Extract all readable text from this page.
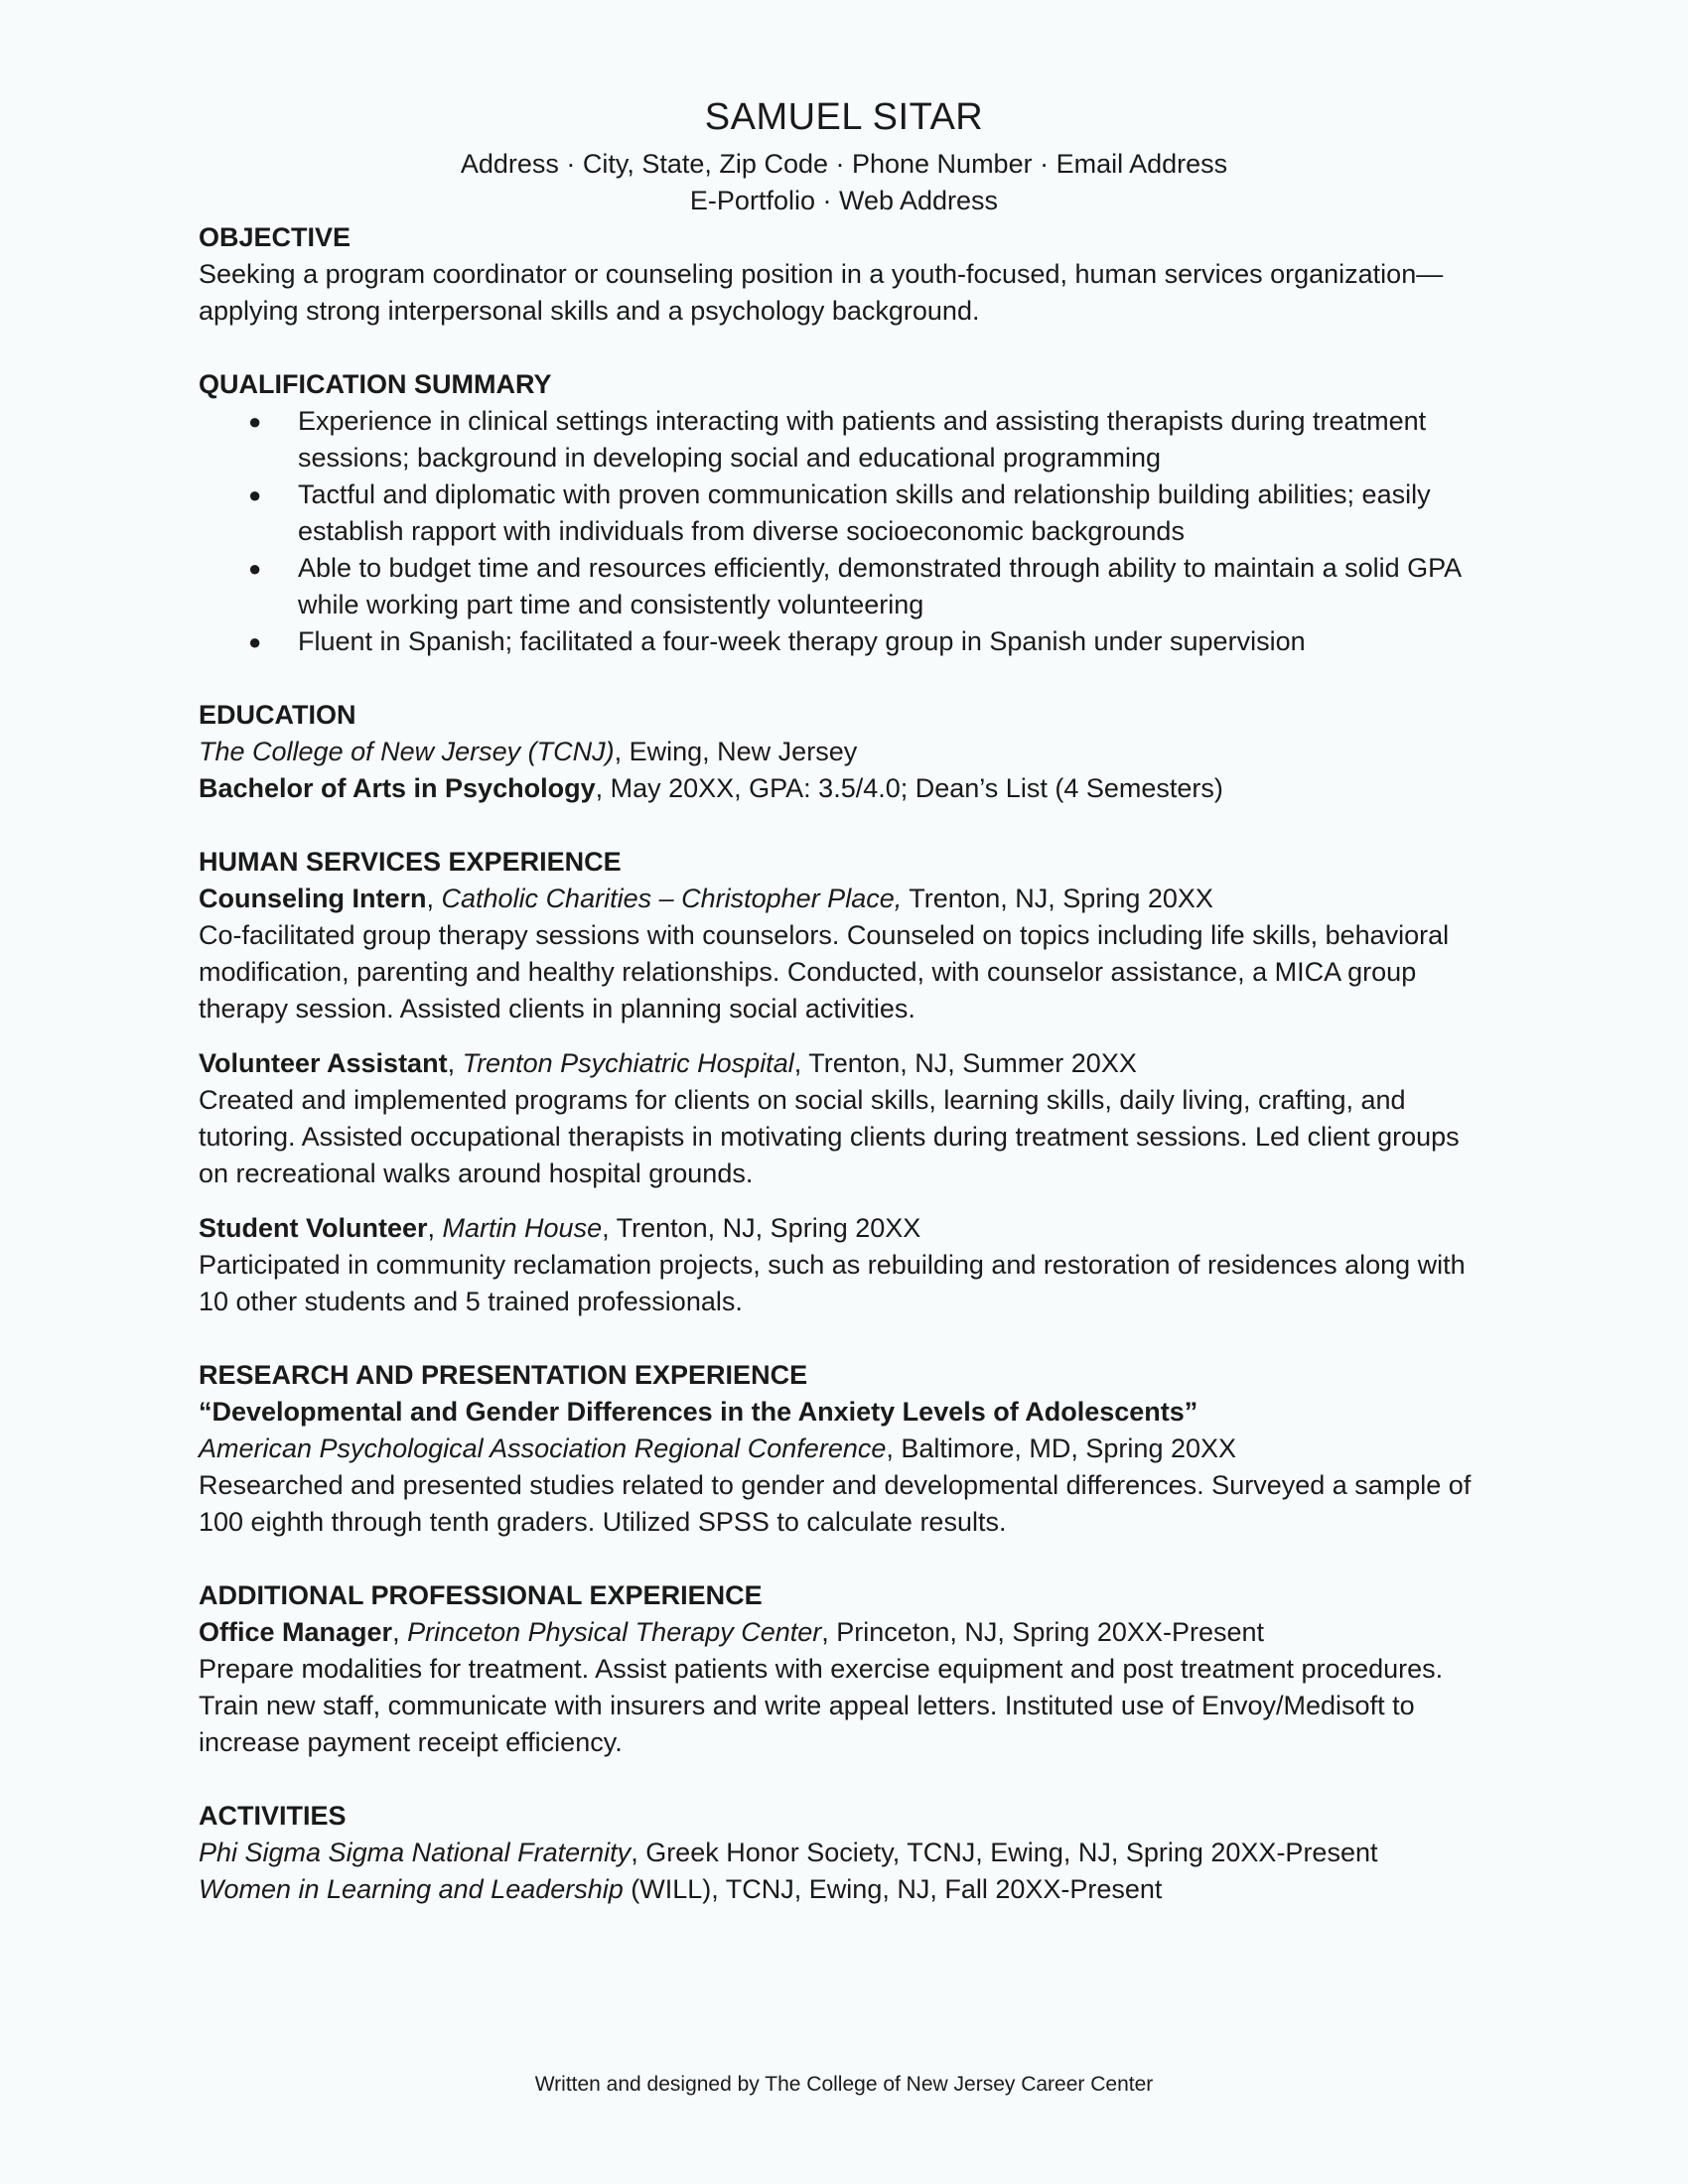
SAMUEL SITAR
Address · City, State, Zip Code · Phone Number · Email Address
E-Portfolio · Web Address
OBJECTIVE

Seeking a program coordinator or counseling position in a youth-focused, human services organization—applying strong interpersonal skills and a psychology background.

QUALIFICATION SUMMARY
● Experience in clinical settings interacting with patients and assisting therapists during treatment sessions; background in developing social and educational programming
● Tactful and diplomatic with proven communication skills and relationship building abilities; easily establish rapport with individuals from diverse socioeconomic backgrounds
● Able to budget time and resources efficiently, demonstrated through ability to maintain a solid GPA while working part time and consistently volunteering
● Fluent in Spanish; facilitated a four-week therapy group in Spanish under supervision
EDUCATION
The College of New Jersey (TCNJ), Ewing, New Jersey
Bachelor of Arts in Psychology, May 20XX, GPA: 3.5/4.0; Dean’s List (4 Semesters)
HUMAN SERVICES EXPERIENCE
Counseling Intern, Catholic Charities – Christopher Place, Trenton, NJ, Spring 20XX

Co-facilitated group therapy sessions with counselors. Counseled on topics including life skills, behavioral modification, parenting and healthy relationships. Conducted, with counselor assistance, a MICA group therapy session. Assisted clients in planning social activities.

Volunteer Assistant, Trenton Psychiatric Hospital, Trenton, NJ, Summer 20XX

Created and implemented programs for clients on social skills, learning skills, daily living, crafting, and tutoring. Assisted occupational therapists in motivating clients during treatment sessions. Led client groups on recreational walks around hospital grounds.

Student Volunteer, Martin House, Trenton, NJ, Spring 20XX

Participated in community reclamation projects, such as rebuilding and restoration of residences along with 10 other students and 5 trained professionals.

RESEARCH AND PRESENTATION EXPERIENCE
“Developmental and Gender Differences in the Anxiety Levels of Adolescents”
American Psychological Association Regional Conference, Baltimore, MD, Spring 20XX

Researched and presented studies related to gender and developmental differences. Surveyed a sample of 100 eighth through tenth graders. Utilized SPSS to calculate results.

ADDITIONAL PROFESSIONAL EXPERIENCE
Office Manager, Princeton Physical Therapy Center, Princeton, NJ, Spring 20XX-Present

Prepare modalities for treatment. Assist patients with exercise equipment and post treatment procedures. Train new staff, communicate with insurers and write appeal letters. Instituted use of Envoy/Medisoft to increase payment receipt efficiency.

ACTIVITIES
Phi Sigma Sigma National Fraternity, Greek Honor Society, TCNJ, Ewing, NJ, Spring 20XX-Present
Women in Learning and Leadership (WILL), TCNJ, Ewing, NJ, Fall 20XX-Present
Written and designed by The College of New Jersey Career Center
